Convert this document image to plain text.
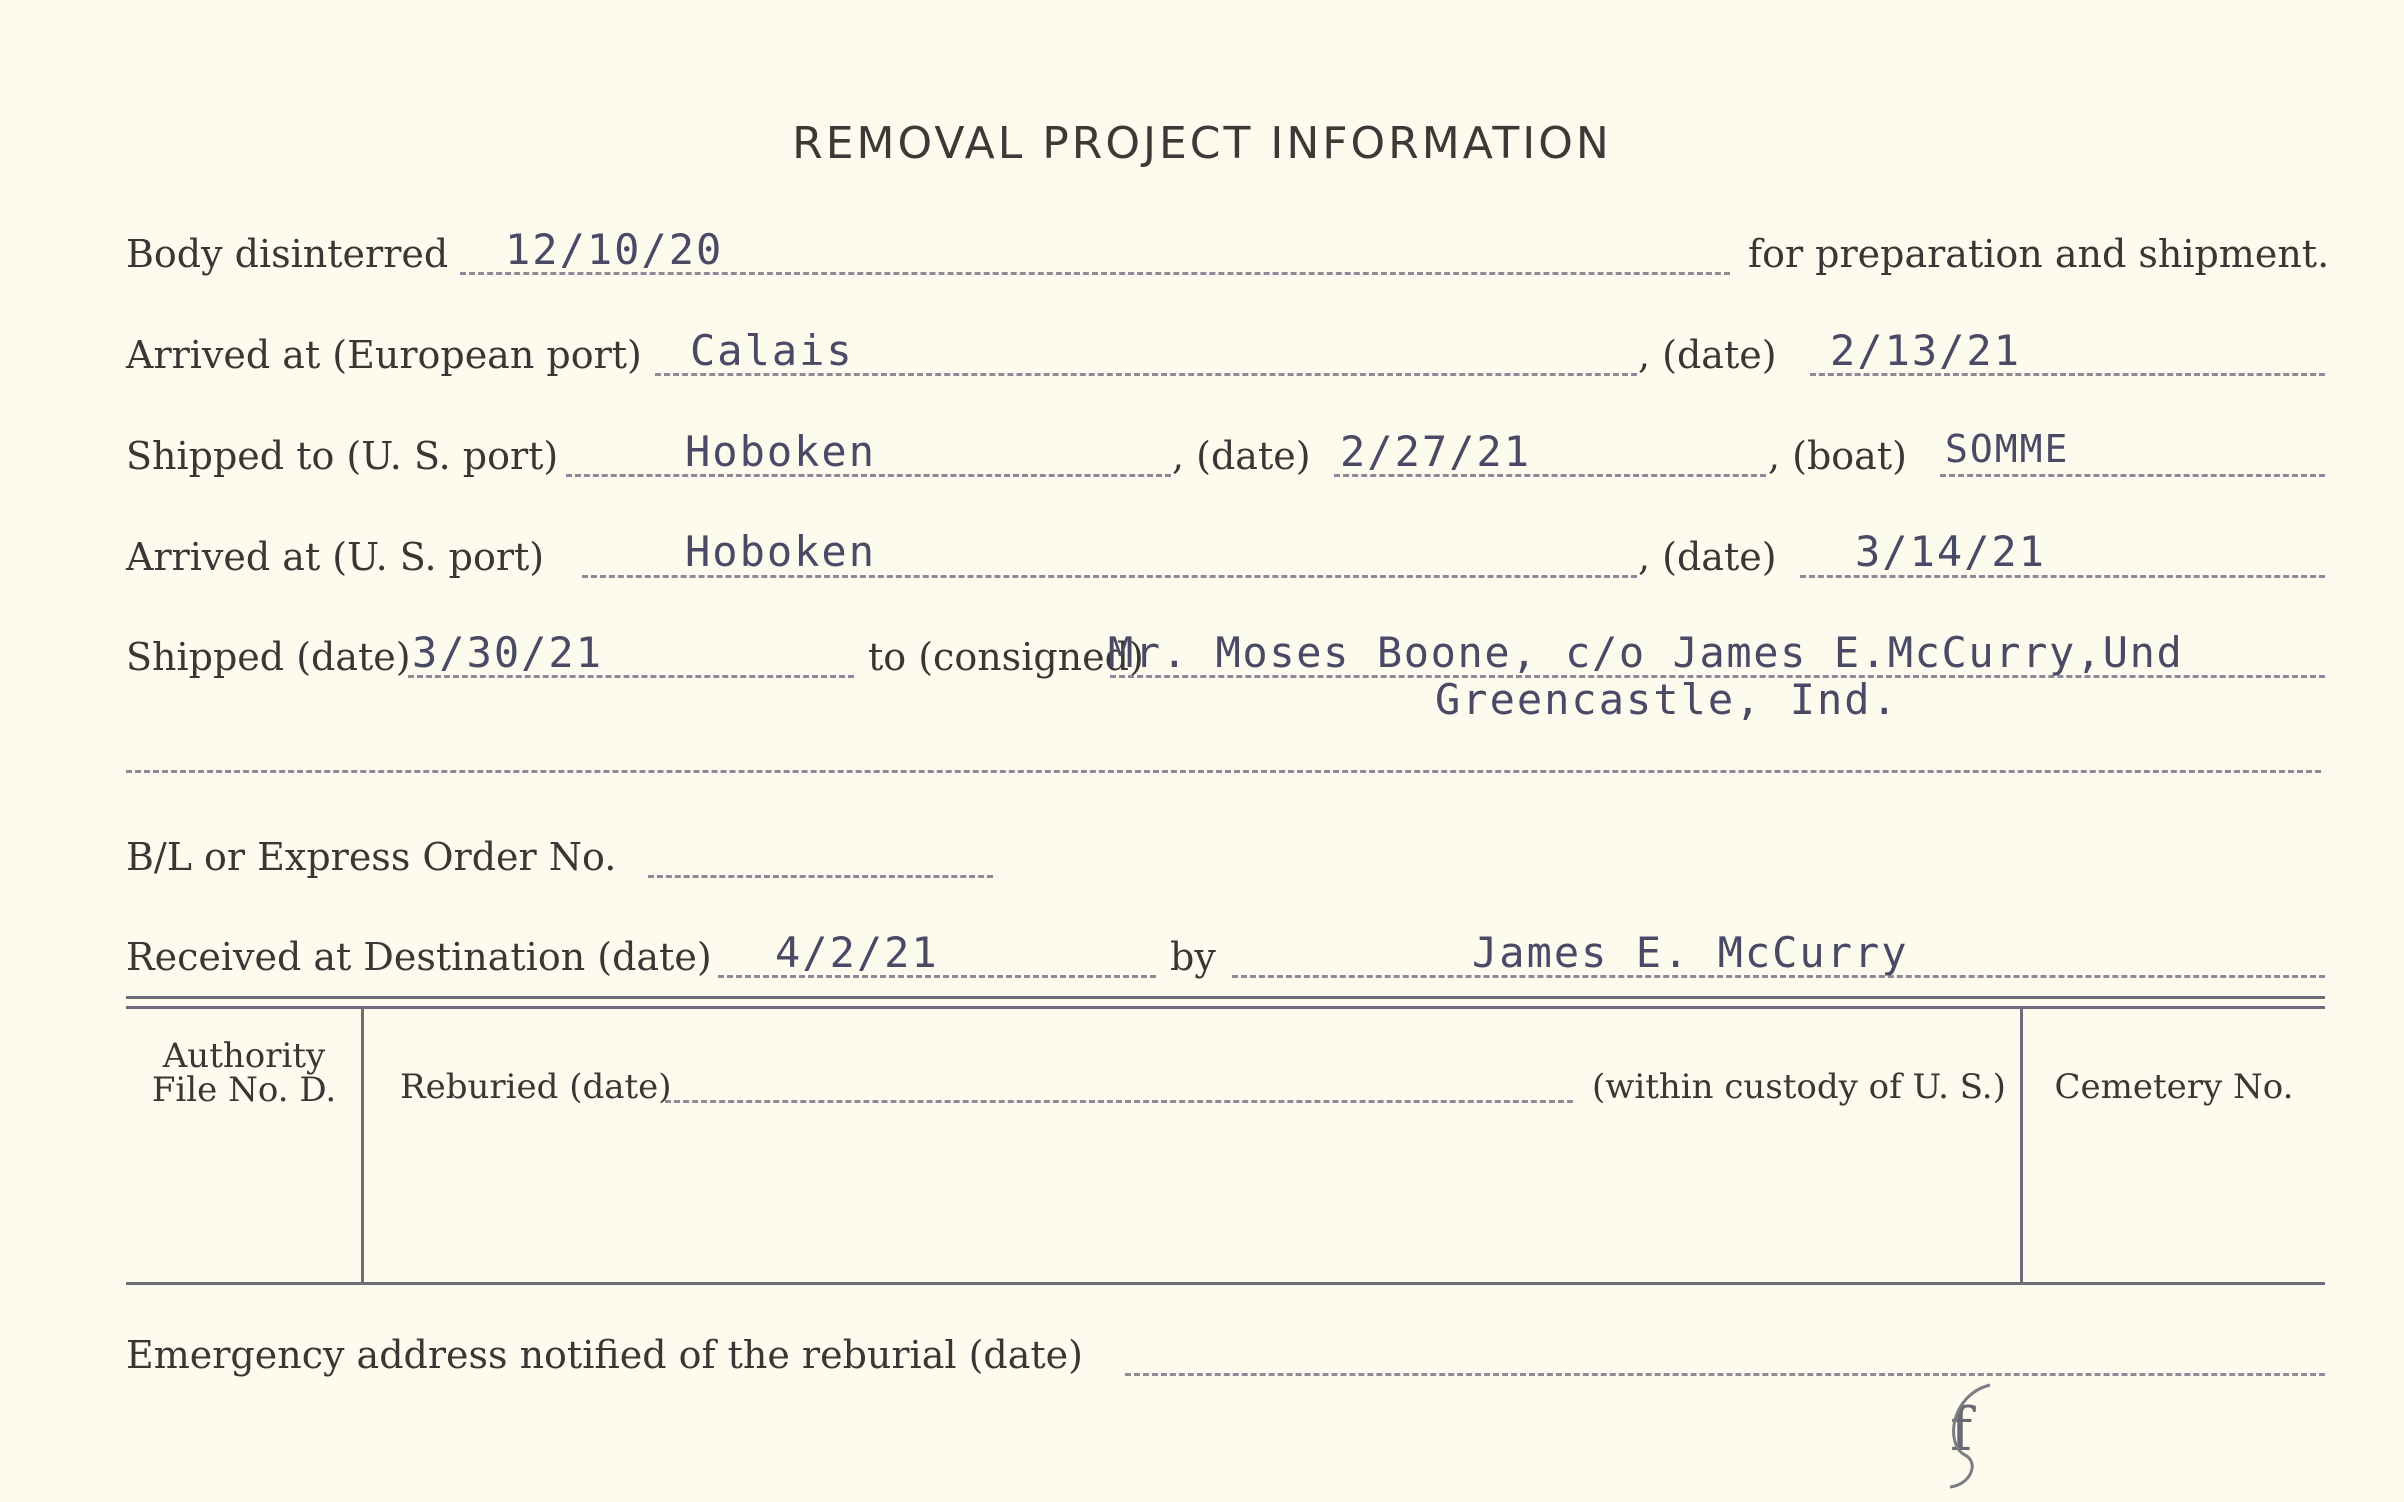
REMOVAL PROJECT INFORMATION
Body disinterred 12/10/20	for preparation and shipment.
Arrived at (European port) Calais	, (date) 2/13/21
Shipped to (U. S. port)	Hoboken	, (date) 2/27/21	, (boat) SOMME
Arrived at (U. S. port)	Hoboken	, (date) 3/14/21
Shipped (date) 3/30/21	to (consigned)
Mr. Moses Boone, c/o James E.McCurry,Und
Greencastle, Ind.
B/L or Express Order No.
Received at Destination (date) 4/2/21	by	James E. McCurry
Authority
File No. D.	Reburied (date)	(within custody of U. S.)	Cemetery No.
Emergency address notified of the reburial (date)
f
